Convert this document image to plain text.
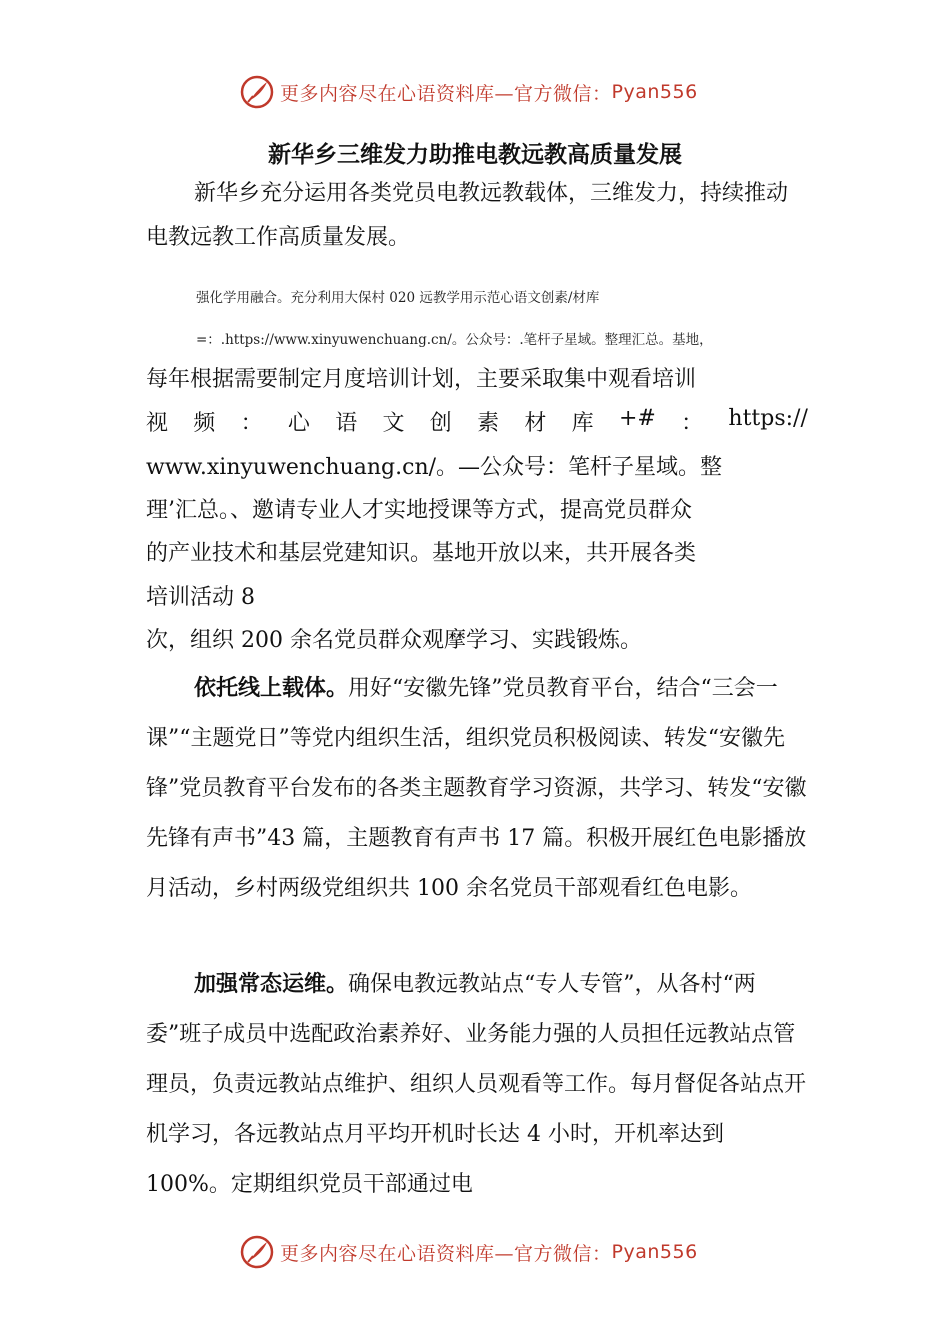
更多内容尽在心语资料库—官方微信： Pyan556
新华乡三维发力助推电教远教高质量发展

新华乡充分运用各类党员电教远教载体，三维发力，持续推动电教远教工作高质量发展。

强化学用融合。充分利用大保村 020 远教学用示范心语文创素/材库
=：.https://www.xinyuwenchuang.cn/。公众号：.笔杆子星域。整理汇总。基地，
每年根据需要制定月度培训计划，主要采取集中观看培训
视 频 ： 心 语 文 创 素 材 库 +# ： https://
www.xinyuwenchuang.cn/。—公众号：笔杆子星域。整
理’汇总。、邀请专业人才实地授课等方式，提高党员群众
的产业技术和基层党建知识。基地开放以来，共开展各类
培训活动 8
次，组织 200 余名党员群众观摩学习、实践锻炼。

依托线上载体。用好“安徽先锋”党员教育平台，结合“三会一课”“主题党日”等党内组织生活，组织党员积极阅读、转发“安徽先锋”党员教育平台发布的各类主题教育学习资源，共学习、转发“安徽先锋有声书”43 篇，主题教育有声书 17 篇。积极开展红色电影播放月活动，乡村两级党组织共 100 余名党员干部观看红色电影。

加强常态运维。确保电教远教站点“专人专管”，从各村“两委”班子成员中选配政治素养好、业务能力强的人员担任远教站点管理员，负责远教站点维护、组织人员观看等工作。每月督促各站点开机学习，各远教站点月平均开机时长达 4 小时，开机率达到 100%。定期组织党员干部通过电

更多内容尽在心语资料库—官方微信： Pyan556
